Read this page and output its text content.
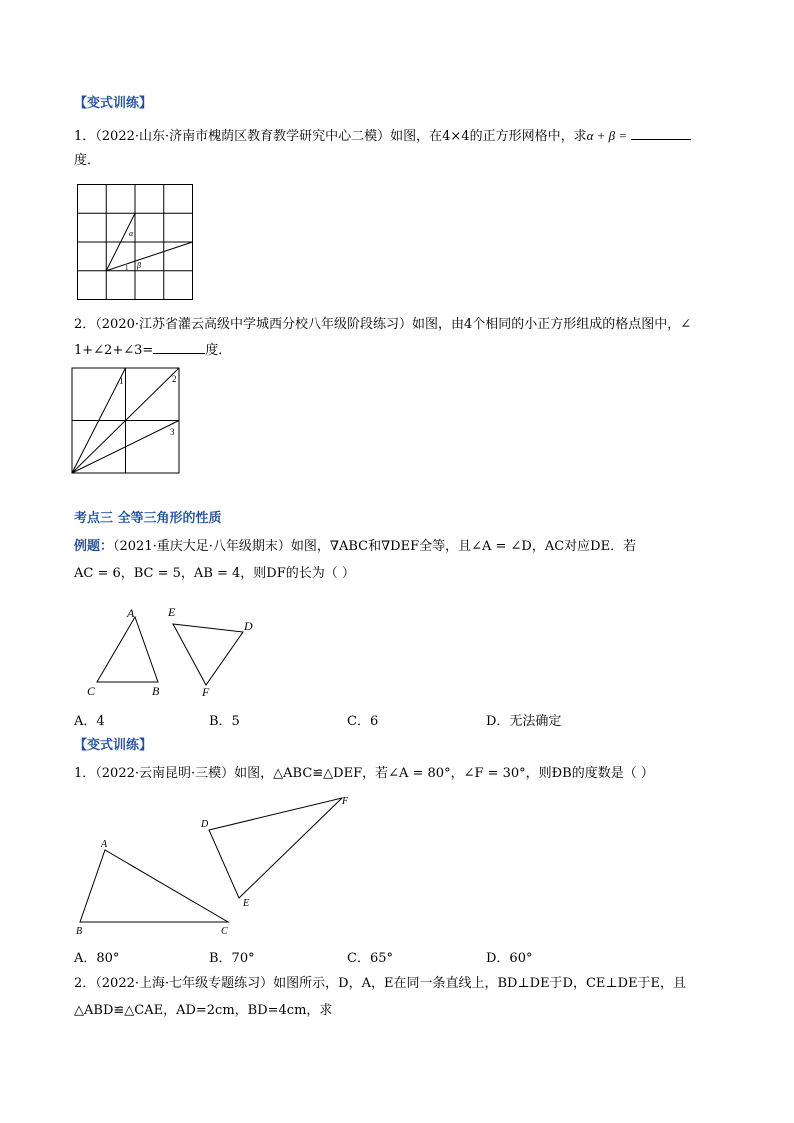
【变式训练】
1．（2022·山东·济南市槐荫区教育教学研究中心二模）如图，在4×4的正方形网格中，求α + β =
度．
α
β
1
2．（2020·江苏省灌云高级中学城西分校八年级阶段练习）如图，由4个相同的小正方形组成的格点图中，∠
1+∠2+∠3=	度．
1	2
3
考点三 全等三角形的性质
例题：（2021·重庆大足·八年级期末）如图，∇ABC和∇DEF全等，且∠A = ∠D，AC对应DE．若
AC = 6，BC = 5，AB = 4，则DF的长为（ ）
A
C	B
E
D
F
A．4	B．5	C．6	D．无法确定
【变式训练】
1．（2022·云南昆明·三模）如图，△ABC≌△DEF，若∠A = 80°，∠F = 30°，则ÐB的度数是（ ）
A
B	C
D
F
E
A．80°	B．70°	C．65°	D．60°
2．（2022·上海·七年级专题练习）如图所示，D，A，E在同一条直线上，BD⊥DE于D，CE⊥DE于E，且
△ABD≌△CAE，AD=2cm，BD=4cm，求
